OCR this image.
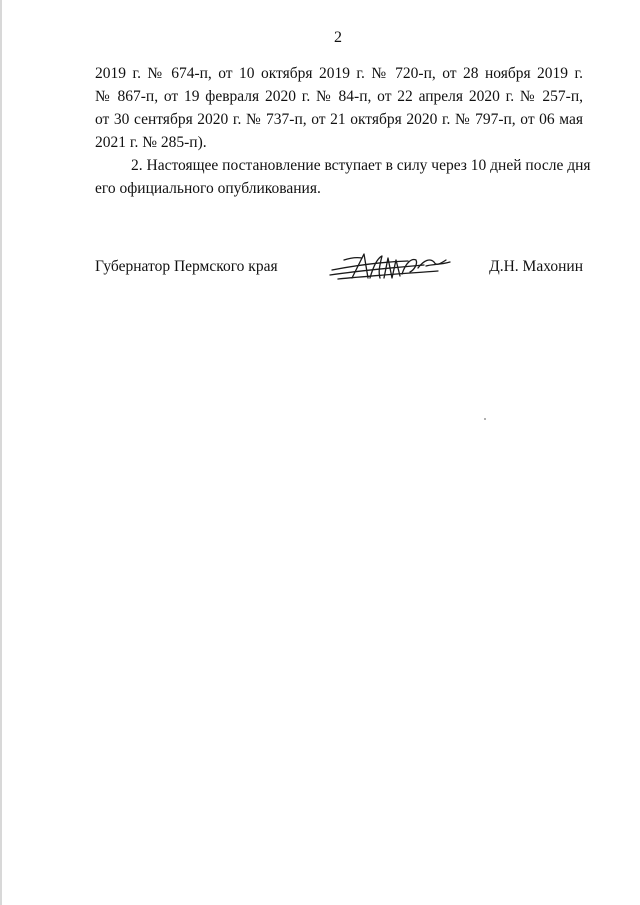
2
2019 г. № 674-п, от 10 октября 2019 г. № 720-п, от 28 ноября 2019 г.
№ 867-п, от 19 февраля 2020 г. № 84-п, от 22 апреля 2020 г. № 257-п,
от 30 сентября 2020 г. № 737-п, от 21 октября 2020 г. № 797-п, от 06 мая
2021 г. № 285-п).
2. Настоящее постановление вступает в силу через 10 дней после дня
его официального опубликования.
Губернатор Пермского края	Д.Н. Махонин
